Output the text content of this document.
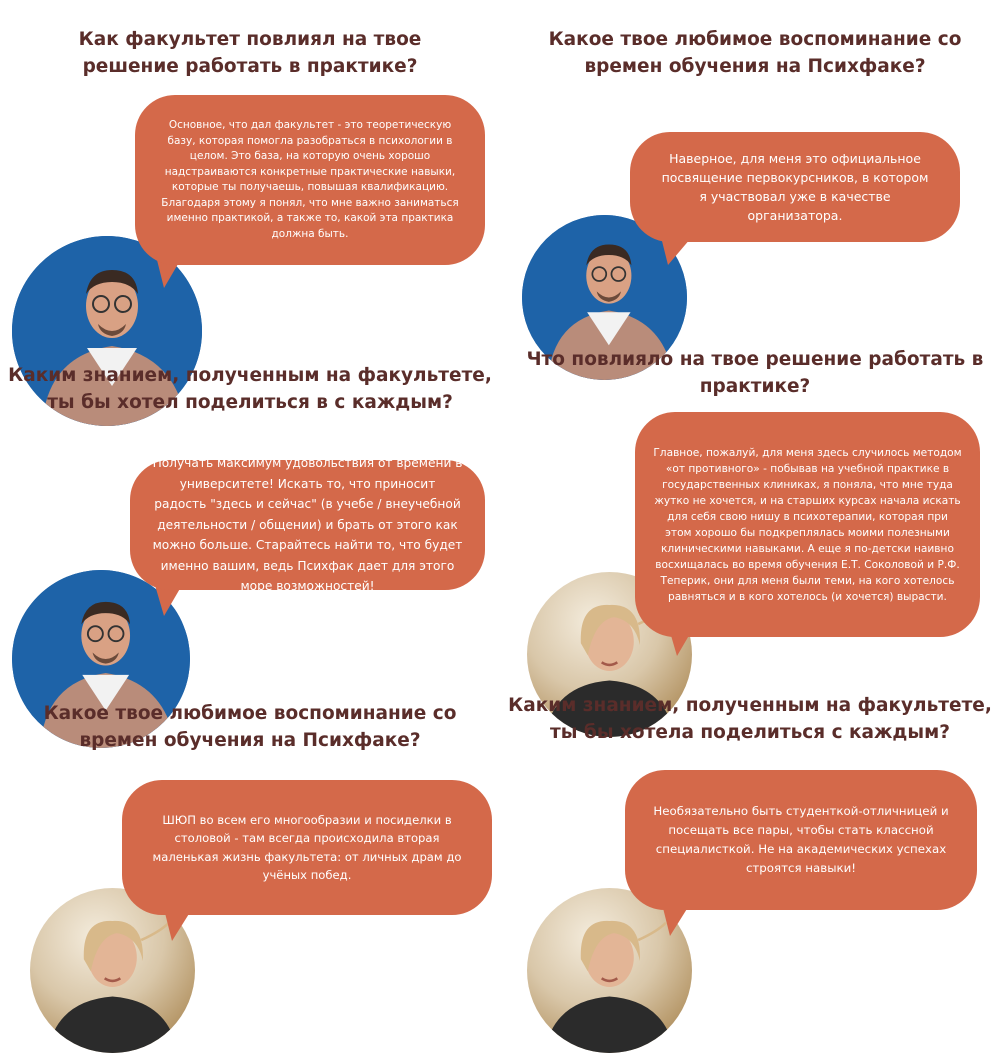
Как факультет повлиял на твое решение работать в практике?

Основное, что дал факультет - это теоретическую базу, которая помогла разобраться в психологии в целом. Это база, на которую очень хорошо надстраиваются конкретные практические навыки, которые ты получаешь, повышая квалификацию. Благодаря этому я понял, что мне важно заниматься именно практикой, а также то, какой эта практика должна быть.

Какое твое любимое воспоминание со времен обучения на Психфаке?

Наверное, для меня это официальное посвящение первокурсников, в котором я участвовал уже в качестве организатора.

Каким знанием, полученным на факультете, ты бы хотел поделиться в с каждым?

Получать максимум удовольствия от времени в университете! Искать то, что приносит радость "здесь и сейчас" (в учебе / внеучебной деятельности / общении) и брать от этого как можно больше. Старайтесь найти то, что будет именно вашим, ведь Психфак дает для этого море возможностей!

Что повлияло на твое решение работать в практике?

Главное, пожалуй, для меня здесь случилось методом «от противного» - побывав на учебной практике в государственных клиниках, я поняла, что мне туда жутко не хочется, и на старших курсах начала искать для себя свою нишу в психотерапии, которая при этом хорошо бы подкреплялась моими полезными клиническими навыками. А еще я по-детски наивно восхищалась во время обучения Е.Т. Соколовой и Р.Ф. Теперик, они для меня были теми, на кого хотелось равняться и в кого хотелось (и хочется) вырасти.

Какое твое любимое воспоминание со времен обучения на Психфаке?

ШЮП во всем его многообразии и посиделки в столовой - там всегда происходила вторая маленькая жизнь факультета: от личных драм до учёных побед.

Каким знанием, полученным на факультете, ты бы хотела поделиться с каждым?

Необязательно быть студенткой-отличницей и посещать все пары, чтобы стать классной специалисткой. Не на академических успехах строятся навыки!
